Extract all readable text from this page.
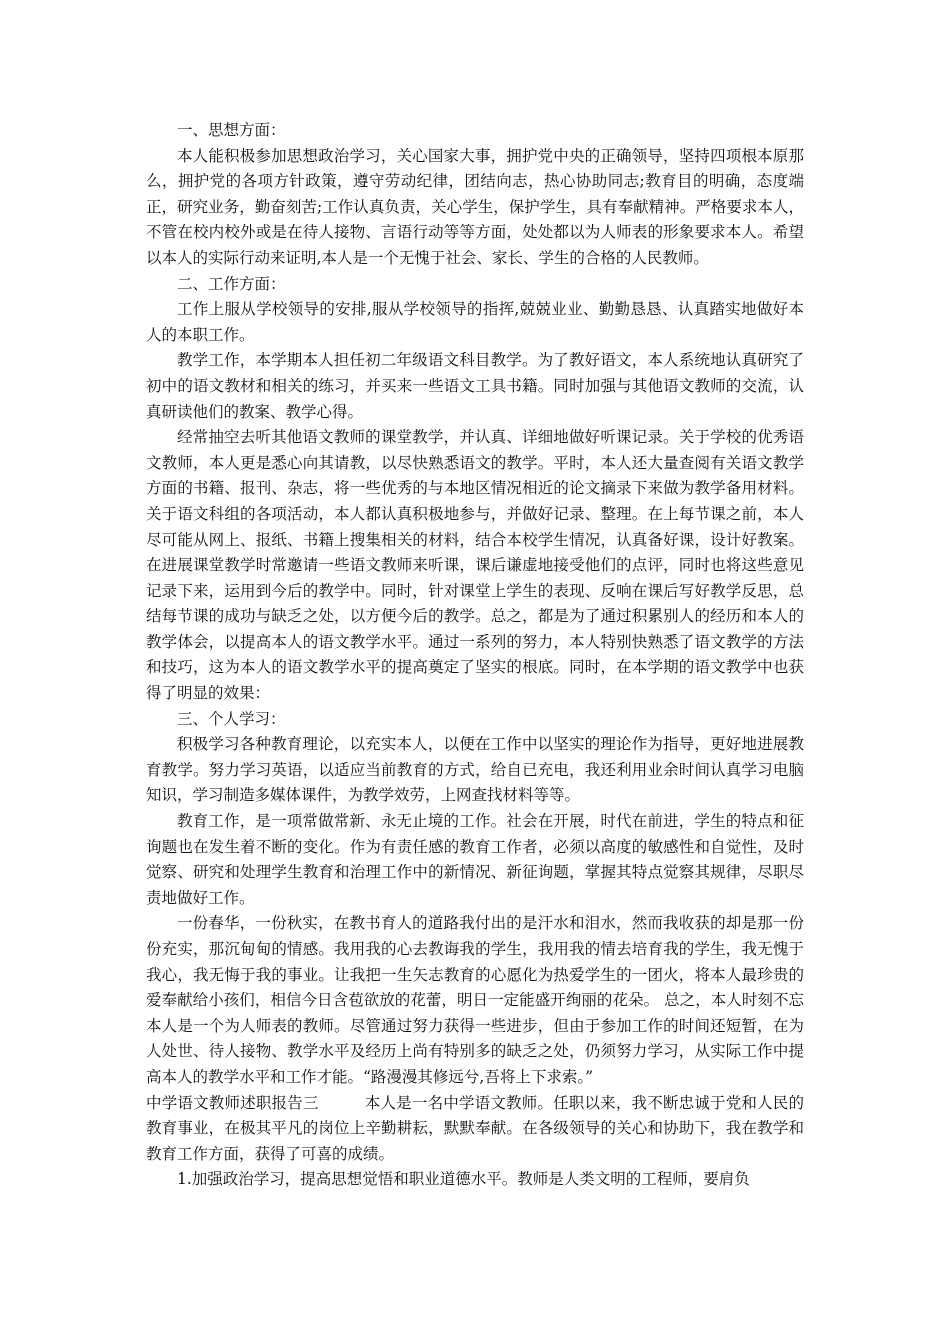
一、思想方面：

本人能积极参加思想政治学习，关心国家大事，拥护党中央的正确领导，坚持四项根本原那么，拥护党的各项方针政策，遵守劳动纪律，团结向志，热心协助同志;教育目的明确，态度端正，研究业务，勤奋刻苦;工作认真负责，关心学生，保护学生，具有奉献精神。严格要求本人，不管在校内校外或是在待人接物、言语行动等等方面，处处都以为人师表的形象要求本人。希望以本人的实际行动来证明,本人是一个无愧于社会、家长、学生的合格的人民教师。

二、工作方面：

工作上服从学校领导的安排,服从学校领导的指挥,兢兢业业、勤勤恳恳、认真踏实地做好本人的本职工作。

教学工作，本学期本人担任初二年级语文科目教学。为了教好语文，本人系统地认真研究了初中的语文教材和相关的练习，并买来一些语文工具书籍。同时加强与其他语文教师的交流，认真研读他们的教案、教学心得。

经常抽空去听其他语文教师的课堂教学，并认真、详细地做好听课记录。关于学校的优秀语文教师，本人更是悉心向其请教，以尽快熟悉语文的教学。平时，本人还大量查阅有关语文教学方面的书籍、报刊、杂志，将一些优秀的与本地区情况相近的论文摘录下来做为教学备用材料。关于语文科组的各项活动，本人都认真积极地参与，并做好记录、整理。在上每节课之前，本人尽可能从网上、报纸、书籍上搜集相关的材料，结合本校学生情况，认真备好课，设计好教案。在进展课堂教学时常邀请一些语文教师来听课，课后谦虚地接受他们的点评，同时也将这些意见记录下来，运用到今后的教学中。同时，针对课堂上学生的表现、反响在课后写好教学反思，总结每节课的成功与缺乏之处，以方便今后的教学。总之，都是为了通过积累别人的经历和本人的教学体会，以提高本人的语文教学水平。通过一系列的努力，本人特别快熟悉了语文教学的方法和技巧，这为本人的语文教学水平的提高奠定了坚实的根底。同时，在本学期的语文教学中也获得了明显的效果：

三、个人学习：

积极学习各种教育理论，以充实本人，以便在工作中以坚实的理论作为指导，更好地进展教育教学。努力学习英语，以适应当前教育的方式，给自已充电，我还利用业余时间认真学习电脑知识，学习制造多媒体课件，为教学效劳，上网查找材料等等。

教育工作，是一项常做常新、永无止境的工作。社会在开展，时代在前进，学生的特点和征询题也在发生着不断的变化。作为有责任感的教育工作者，必须以高度的敏感性和自觉性，及时觉察、研究和处理学生教育和治理工作中的新情况、新征询题，掌握其特点觉察其规律，尽职尽责地做好工作。

一份春华，一份秋实，在教书育人的道路我付出的是汗水和泪水，然而我收获的却是那一份份充实，那沉甸甸的情感。我用我的心去教诲我的学生，我用我的情去培育我的学生，我无愧于我心，我无悔于我的事业。让我把一生矢志教育的心愿化为热爱学生的一团火，将本人最珍贵的爱奉献给小孩们，相信今日含苞欲放的花蕾，明日一定能盛开绚丽的花朵。 总之，本人时刻不忘本人是一个为人师表的教师。尽管通过努力获得一些进步，但由于参加工作的时间还短暂，在为人处世、待人接物、教学水平及经历上尚有特别多的缺乏之处，仍须努力学习，从实际工作中提高本人的教学水平和工作才能。“路漫漫其修远兮,吾将上下求索。”

中学语文教师述职报告三	本人是一名中学语文教师。任职以来，我不断忠诚于党和人民的教育事业，在极其平凡的岗位上辛勤耕耘，默默奉献。在各级领导的关心和协助下，我在教学和教育工作方面，获得了可喜的成绩。

1.加强政治学习，提高思想觉悟和职业道德水平。教师是人类文明的工程师，要肩负
